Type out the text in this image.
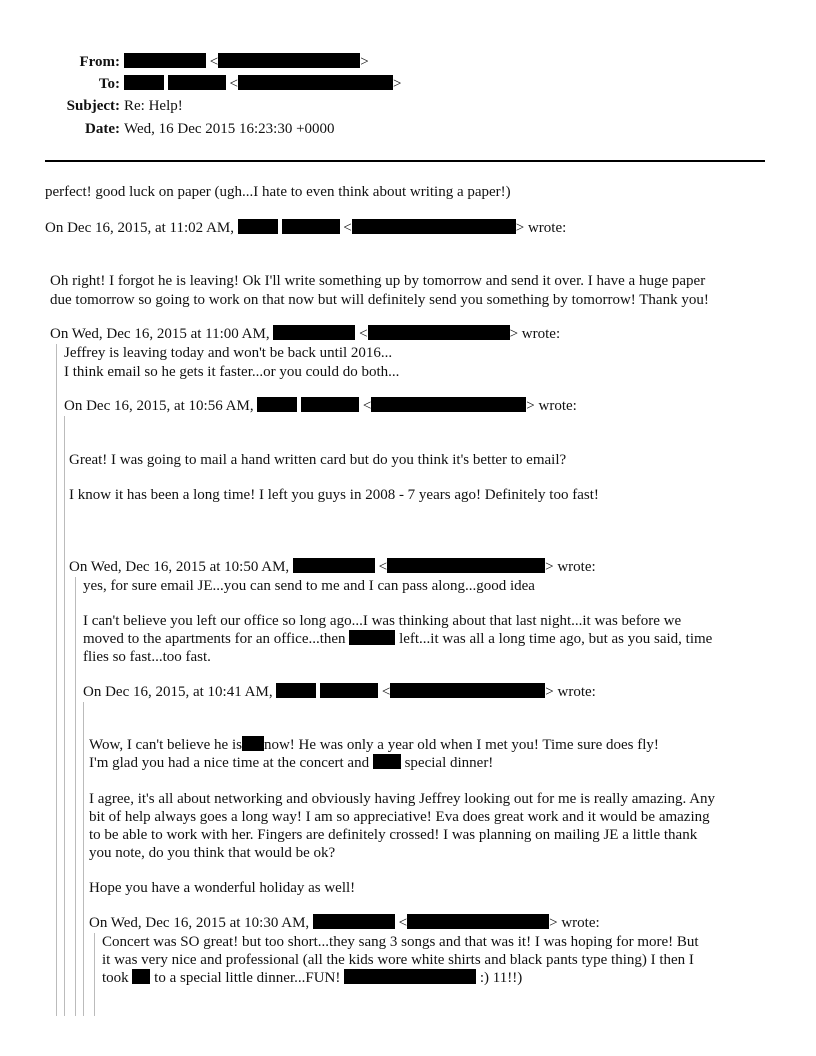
From:	<	>
To:	<	>
Subject: Re: Help!
Date: Wed, 16 Dec 2015 16:23:30 +0000
perfect! good luck on paper (ugh...I hate to even think about writing a paper!)
On Dec 16, 2015, at 11:02 AM,	<	> wrote:
Oh right! I forgot he is leaving! Ok I'll write something up by tomorrow and send it over. I have a huge paper
due tomorrow so going to work on that now but will definitely send you something by tomorrow! Thank you!
On Wed, Dec 16, 2015 at 11:00 AM,	<	> wrote:
Jeffrey is leaving today and won't be back until 2016...
I think email so he gets it faster...or you could do both...
On Dec 16, 2015, at 10:56 AM,	<	> wrote:
Great! I was going to mail a hand written card but do you think it's better to email?
I know it has been a long time! I left you guys in 2008 - 7 years ago! Definitely too fast!
On Wed, Dec 16, 2015 at 10:50 AM,	<	> wrote:
yes, for sure email JE...you can send to me and I can pass along...good idea
I can't believe you left our office so long ago...I was thinking about that last night...it was before we
moved to the apartments for an office...then	left...it was all a long time ago, but as you said, time
flies so fast...too fast.
On Dec 16, 2015, at 10:41 AM,	<	> wrote:
Wow, I can't believe he is now! He was only a year old when I met you! Time sure does fly!
I'm glad you had a nice time at the concert and special dinner!
I agree, it's all about networking and obviously having Jeffrey looking out for me is really amazing. Any
bit of help always goes a long way! I am so appreciative! Eva does great work and it would be amazing
to be able to work with her. Fingers are definitely crossed! I was planning on mailing JE a little thank
you note, do you think that would be ok?
Hope you have a wonderful holiday as well!
On Wed, Dec 16, 2015 at 10:30 AM,	<	> wrote:
Concert was SO great! but too short...they sang 3 songs and that was it! I was hoping for more! But
it was very nice and professional (all the kids wore white shirts and black pants type thing) I then I
took to a special little dinner...FUN!	:) 11!!)
